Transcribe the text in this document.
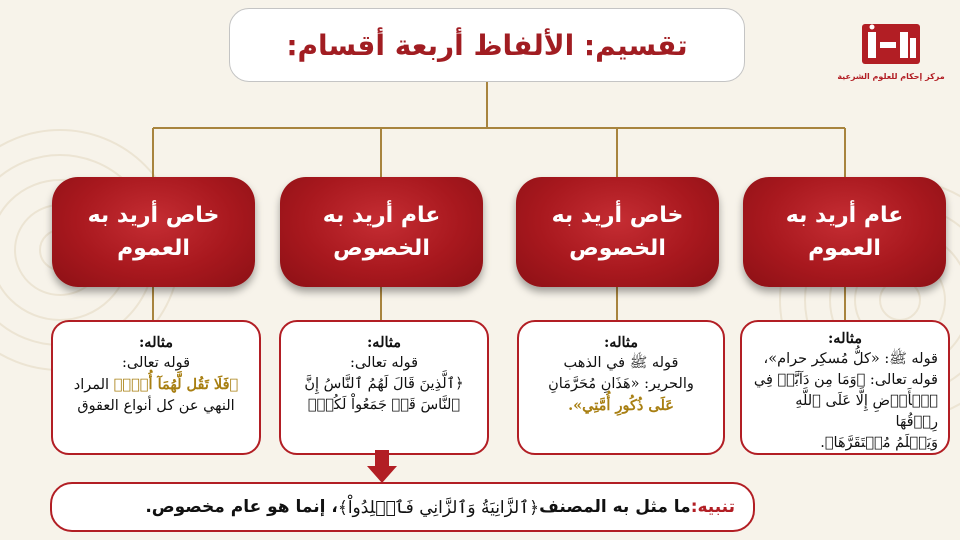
مركز إحكام للعلوم الشرعية
تقسيم: الألفاظ أربعة أقسام:
عام أريد به
العموم
خاص أريد به
الخصوص
عام أريد به
الخصوص
خاص أريد به
العموم
مثاله:
قوله ﷺ: «كلُّ مُسكِر حرام»،
قوله تعالى: ﴿وَمَا مِن دَآبَّةٖ فِي
ٱلۡأَرۡضِ إِلَّا عَلَى ٱللَّهِ رِزۡقُهَا
وَيَعۡلَمُ مُسۡتَقَرَّهَا﴾.
مثاله:
قوله ﷺ في الذهب
والحرير: «هَذَانِ مُحَرَّمَانِ
عَلَى ذُكُورِ أُمَّتِي».
مثاله:
قوله تعالى:
﴿ٱلَّذِينَ قَالَ لَهُمُ ٱلنَّاسُ إِنَّ
ٱلنَّاسَ قَدۡ جَمَعُواْ لَكُمۡ﴾
مثاله:
قوله تعالى:
﴿فَلَا تَقُل لَّهُمَآ أُفّٖ﴾ المراد
النهي عن كل أنواع العقوق
تنبيه:
ما مثل به المصنف
﴿ٱلزَّانِيَةُ وَٱلزَّانِي فَٱجۡلِدُواْ﴾
، إنما هو عام مخصوص.
